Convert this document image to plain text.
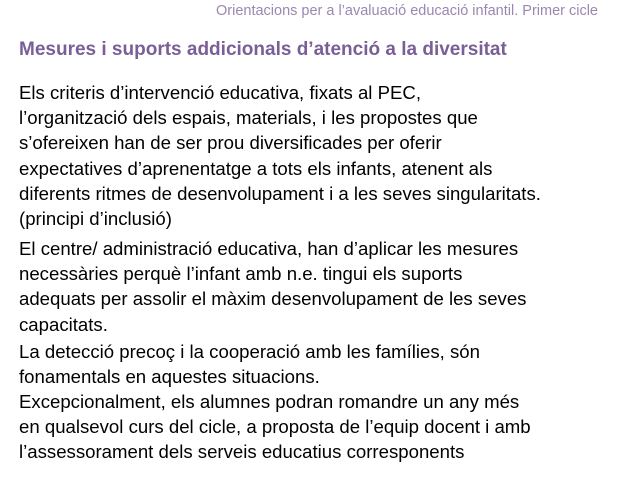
Orientacions per a l’avaluació educació infantil. Primer cicle
Mesures i suports addicionals d’atenció a la diversitat
Els criteris d’intervenció educativa, fixats al PEC,
l’organització dels espais, materials, i les propostes que
s’ofereixen han de ser prou diversificades per oferir
expectatives d’aprenentatge a tots els infants, atenent als
diferents ritmes de desenvolupament i a les seves singularitats.
(principi d’inclusió)
El centre/ administració educativa, han d’aplicar les mesures
necessàries perquè l’infant amb n.e. tingui els suports
adequats per assolir el màxim desenvolupament de les seves
capacitats.
La detecció precoç i la cooperació amb les famílies, són
fonamentals en aquestes situacions.
Excepcionalment, els alumnes podran romandre un any més
en qualsevol curs del cicle, a proposta de l’equip docent i amb
l’assessorament dels serveis educatius corresponents
